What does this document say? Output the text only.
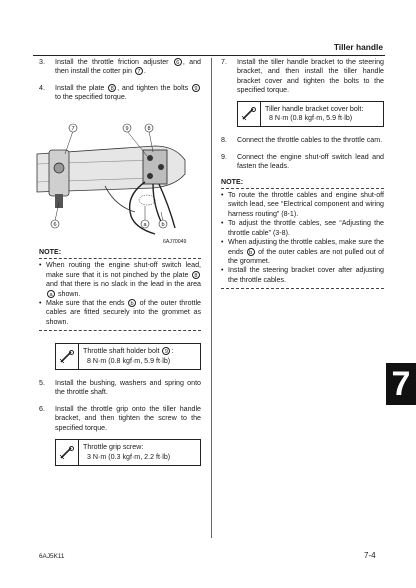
Tiller handle
3. Install the throttle friction adjuster 6 , and then install the cotter pin 7 .
4. Install the plate 8 , and tighten the bolts 9 to the specified torque.
7	9	8
6	a	b
6AJ70049
NOTE:
• When routing the engine shut-off switch lead, make sure that it is not pinched by the plate 8 and that there is no slack in the lead in the area a shown.
• Make sure that the ends b of the outer throttle cables are fitted securely into the grommet as shown.
Throttle shaft holder bolt 9 :
8 N·m (0.8 kgf·m, 5.9 ft·lb)
5. Install the bushing, washers and spring onto the throttle shaft.
6. Install the throttle grip onto the tiller handle bracket, and then tighten the screw to the specified torque.
Throttle grip screw:
3 N·m (0.3 kgf·m, 2.2 ft·lb)
7. Install the tiller handle bracket to the steering bracket, and then install the tiller handle bracket cover and tighten the bolts to the specified torque.
Tiller handle bracket cover bolt:
8 N·m (0.8 kgf·m, 5.9 ft·lb)
8. Connect the throttle cables to the throttle cam.
9. Connect the engine shut-off switch lead and fasten the leads.
NOTE:
• To route the throttle cables and engine shut-off switch lead, see “Electrical component and wiring harness routing” (8-1).
• To adjust the throttle cables, see “Adjusting the throttle cable” (3-8).
• When adjusting the throttle cables, make sure the ends b of the outer cables are not pulled out of the grommet.
• Install the steering bracket cover after adjusting the throttle cables.
7
6AJ5K11	7-4
